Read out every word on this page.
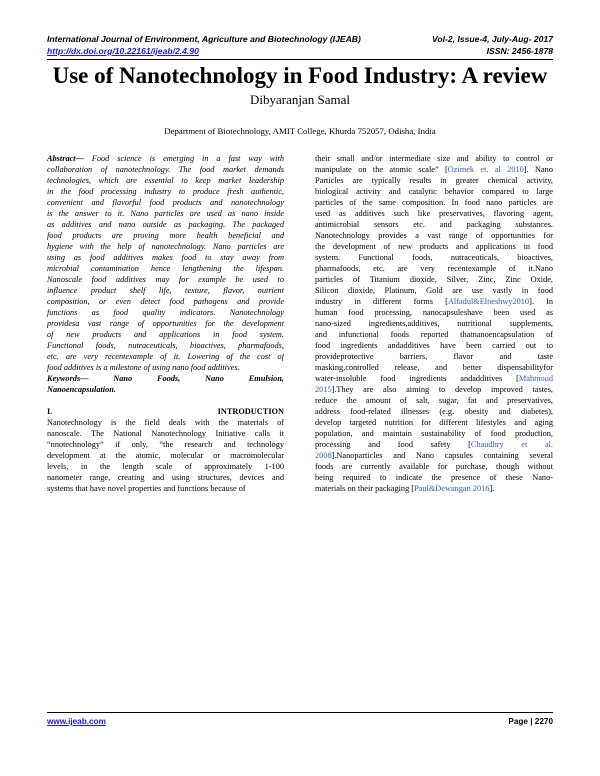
International Journal of Environment, Agriculture and Biotechnology (IJEAB)	Vol-2, Issue-4, July-Aug- 2017
http://dx.doi.org/10.22161/ijeab/2.4.90	ISSN: 2456-1878
Use of Nanotechnology in Food Industry: A review
Dibyaranjan Samal
Department of Biotechnology, AMIT College, Khurda 752057, Odisha, India

Abstract— Food science is emerging in a fast way with

collaboration of nanotechnology. The food market demands

technologies, which are essential to keep market leadership

in the food processing industry to produce fresh authentic,

convenient and flavorful food products and nanotechnology

is the answer to it. Nano particles are used as nano inside

as additives and nano outside as packaging. The packaged

food products are proving more health beneficial and

hygiene with the help of nanotechnology. Nano particles are

using as food additives makes food to stay away from

microbial contamination hence lengthening the lifespan.

Nanoscale food additives may for example be used to

influence product shelf life, texture, flavor, nutrient

composition, or even detect food pathogens and provide

functions as food quality indicators. Nanotechnology

providesa vast range of opportunities for the development

of new products and applications in food system.

Functional foods, nutraceuticals, bioactives, pharmafoods,

etc. are very recentexample of it. Lowering of the cost of

food additives is a milestone of using nano food additives.

Keywords— Nano Foods, Nano Emulsion,

Nanoencapsulation.

I. INTRODUCTION

Nanotechnology is the field deals with the materials of

nanoscale. The National Nanotechnology Initiative calls it

“nnotechnology” if only, “the research and technology

development at the atomic, molecular or macromolecular

levels, in the length scale of approximately 1-100

nanometer range, creating and using structures, devices and

systems that have novel properties and functions because of

their small and/or intermediate size and ability to control or

manipulate on the atomic scale” [Ozimek et. al 2010]. Nano

Particles are typically results in greater chemical activity,

biological activity and catalytic behavior compared to large

particles of the same composition. In food nano particles are

used as additives such like preservatives, flavoring agent,

antimicrobial sensors etc. and packaging substances.

Nanotechnology provides a vast range of opportunities for

the development of new products and applications in food

system. Functional foods, nutraceuticals, bioactives,

pharmafoods, etc. are very recentexample of it.Nano

particles of Titanium dioxide, Silver, Zinc, Zinc Oxide,

Silicon dioxide, Platinum, Gold are use vastly in food

industry in different forms [Alfadul&Elneshwy2010]. In

human food processing, nanocapsuleshave been used as

nano-sized ingredients,additives, nutritional supplements,

and infunctional foods reported thatnanoencapsulation of

food ingredients andadditives have been carried out to

provideprotective barriers, flavor and taste

masking,controlled release, and better dispensabilityfor

water-insoluble food ingredients andadditives [Mahmoud

2015].They are also aiming to develop improved tastes,

reduce the amount of salt, sugar, fat and preservatives,

address food-related illnesses (e.g. obesity and diabetes),

develop targeted nutrition for different lifestyles and aging

population, and maintain sustainability of food production,

processing and food safety [Chaudhry et al.

2008].Nanoparticles and Nano capsules containing several

foods are currently available for purchase, though without

being required to indicate the presence of these Nano-

materials on their packaging [Paul&Dewangan 2016].

www.ijeab.com	Page | 2270
